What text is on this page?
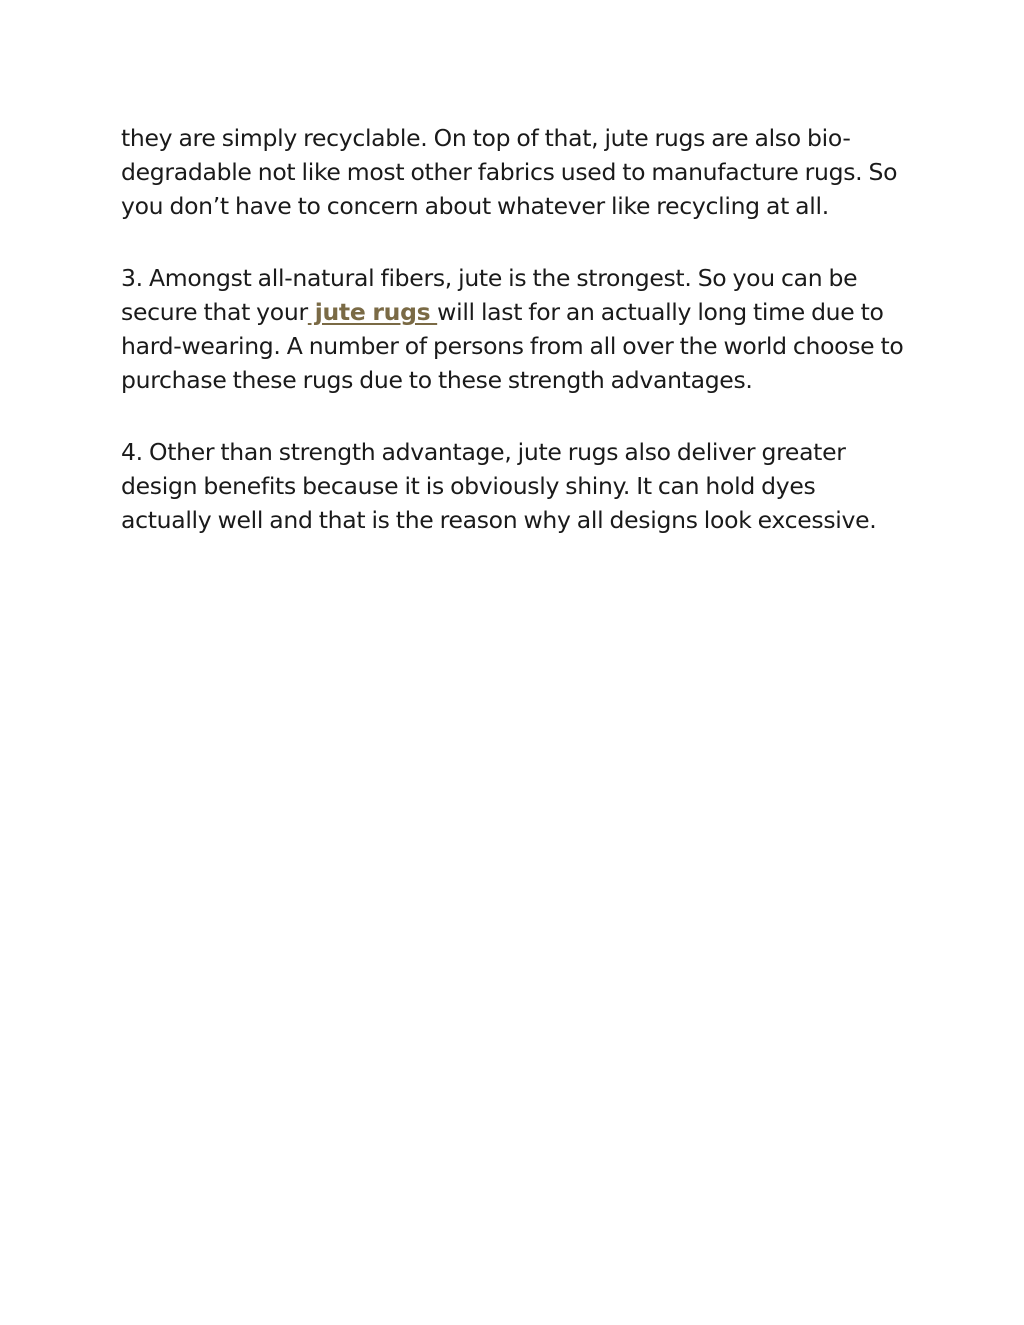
they are simply recyclable. On top of that, jute rugs are also bio-degradable not like most other fabrics used to manufacture rugs. So you don’t have to concern about whatever like recycling at all.

3. Amongst all-natural fibers, jute is the strongest. So you can be secure that your jute rugs will last for an actually long time due to hard-wearing. A number of persons from all over the world choose to purchase these rugs due to these strength advantages.

4. Other than strength advantage, jute rugs also deliver greater design benefits because it is obviously shiny. It can hold dyes actually well and that is the reason why all designs look excessive.
